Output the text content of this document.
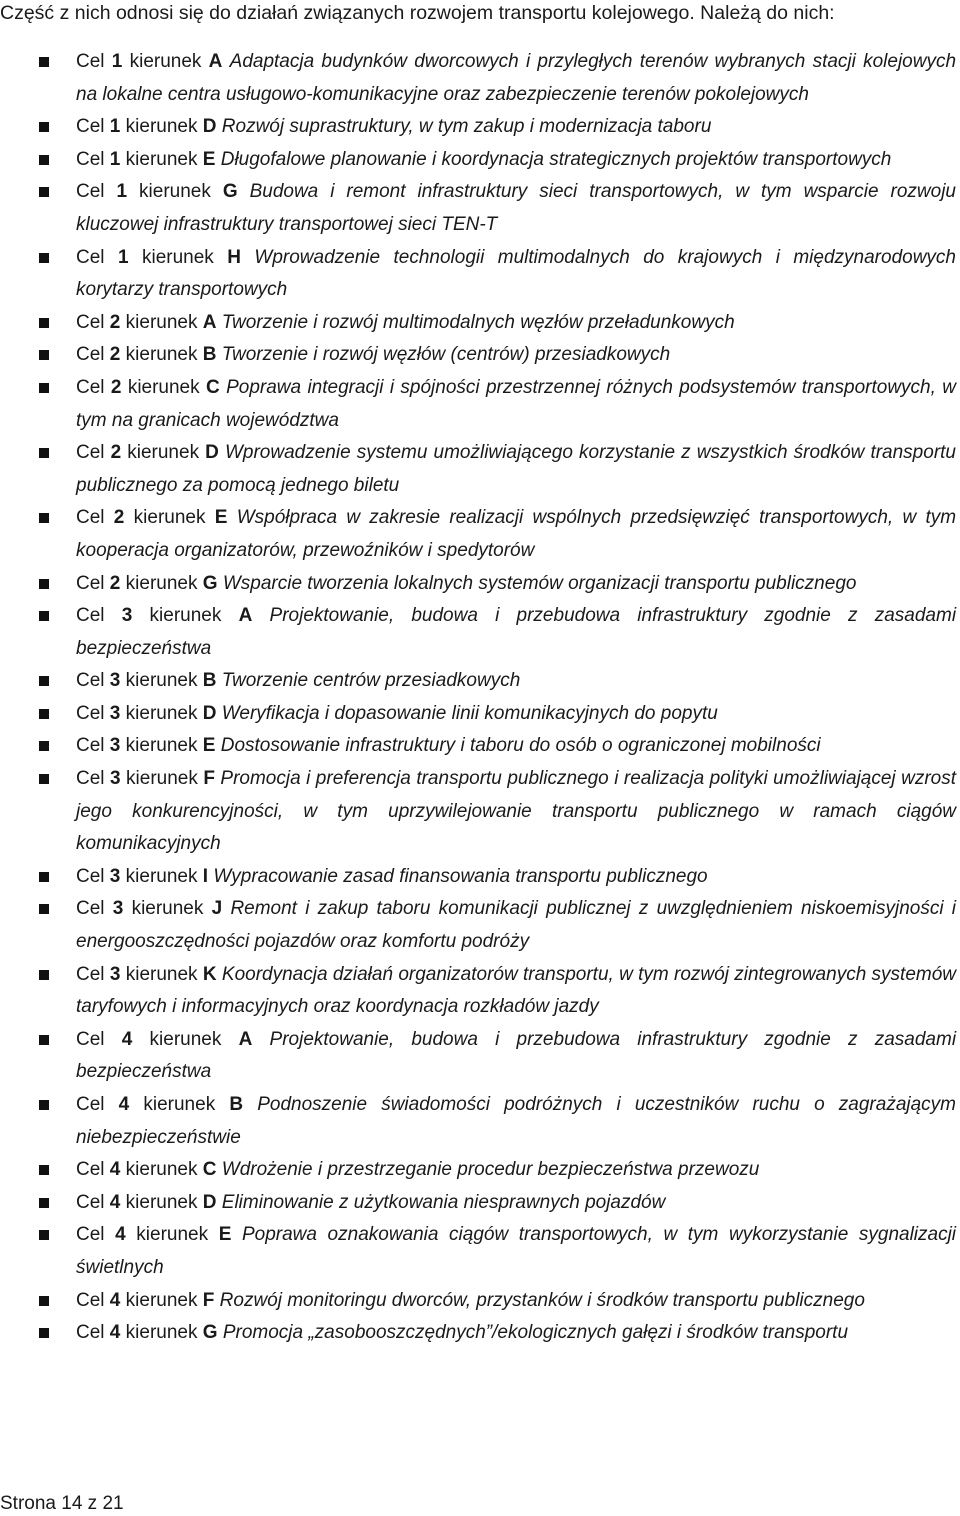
Część z nich odnosi się do działań związanych rozwojem transportu kolejowego. Należą do nich:
Cel 1 kierunek A Adaptacja budynków dworcowych i przyległych terenów wybranych stacji kolejowych na lokalne centra usługowo-komunikacyjne oraz zabezpieczenie terenów pokolejowych
Cel 1 kierunek D Rozwój suprastruktury, w tym zakup i modernizacja taboru
Cel 1 kierunek E Długofalowe planowanie i koordynacja strategicznych projektów transportowych
Cel 1 kierunek G Budowa i remont infrastruktury sieci transportowych, w tym wsparcie rozwoju kluczowej infrastruktury transportowej sieci TEN-T
Cel 1 kierunek H Wprowadzenie technologii multimodalnych do krajowych i międzynarodowych korytarzy transportowych
Cel 2 kierunek A Tworzenie i rozwój multimodalnych węzłów przeładunkowych
Cel 2 kierunek B Tworzenie i rozwój węzłów (centrów) przesiadkowych
Cel 2 kierunek C Poprawa integracji i spójności przestrzennej różnych podsystemów transportowych, w tym na granicach województwa
Cel 2 kierunek D Wprowadzenie systemu umożliwiającego korzystanie z wszystkich środków transportu publicznego za pomocą jednego biletu
Cel 2 kierunek E Współpraca w zakresie realizacji wspólnych przedsięwzięć transportowych, w tym kooperacja organizatorów, przewoźników i spedytorów
Cel 2 kierunek G Wsparcie tworzenia lokalnych systemów organizacji transportu publicznego
Cel 3 kierunek A Projektowanie, budowa i przebudowa infrastruktury zgodnie z zasadami bezpieczeństwa
Cel 3 kierunek B Tworzenie centrów przesiadkowych
Cel 3 kierunek D Weryfikacja i dopasowanie linii komunikacyjnych do popytu
Cel 3 kierunek E Dostosowanie infrastruktury i taboru do osób o ograniczonej mobilności
Cel 3 kierunek F Promocja i preferencja transportu publicznego i realizacja polityki umożliwiającej wzrost jego konkurencyjności, w tym uprzywilejowanie transportu publicznego w ramach ciągów komunikacyjnych
Cel 3 kierunek I Wypracowanie zasad finansowania transportu publicznego
Cel 3 kierunek J Remont i zakup taboru komunikacji publicznej z uwzględnieniem niskoemisyjności i energooszczędności pojazdów oraz komfortu podróży
Cel 3 kierunek K Koordynacja działań organizatorów transportu, w tym rozwój zintegrowanych systemów taryfowych i informacyjnych oraz koordynacja rozkładów jazdy
Cel 4 kierunek A Projektowanie, budowa i przebudowa infrastruktury zgodnie z zasadami bezpieczeństwa
Cel 4 kierunek B Podnoszenie świadomości podróżnych i uczestników ruchu o zagrażającym niebezpieczeństwie
Cel 4 kierunek C Wdrożenie i przestrzeganie procedur bezpieczeństwa przewozu
Cel 4 kierunek D Eliminowanie z użytkowania niesprawnych pojazdów
Cel 4 kierunek E Poprawa oznakowania ciągów transportowych, w tym wykorzystanie sygnalizacji świetlnych
Cel 4 kierunek F Rozwój monitoringu dworców, przystanków i środków transportu publicznego
Cel 4 kierunek G Promocja „zasobooszczędnych”/ekologicznych gałęzi i środków transportu
Strona 14 z 21
